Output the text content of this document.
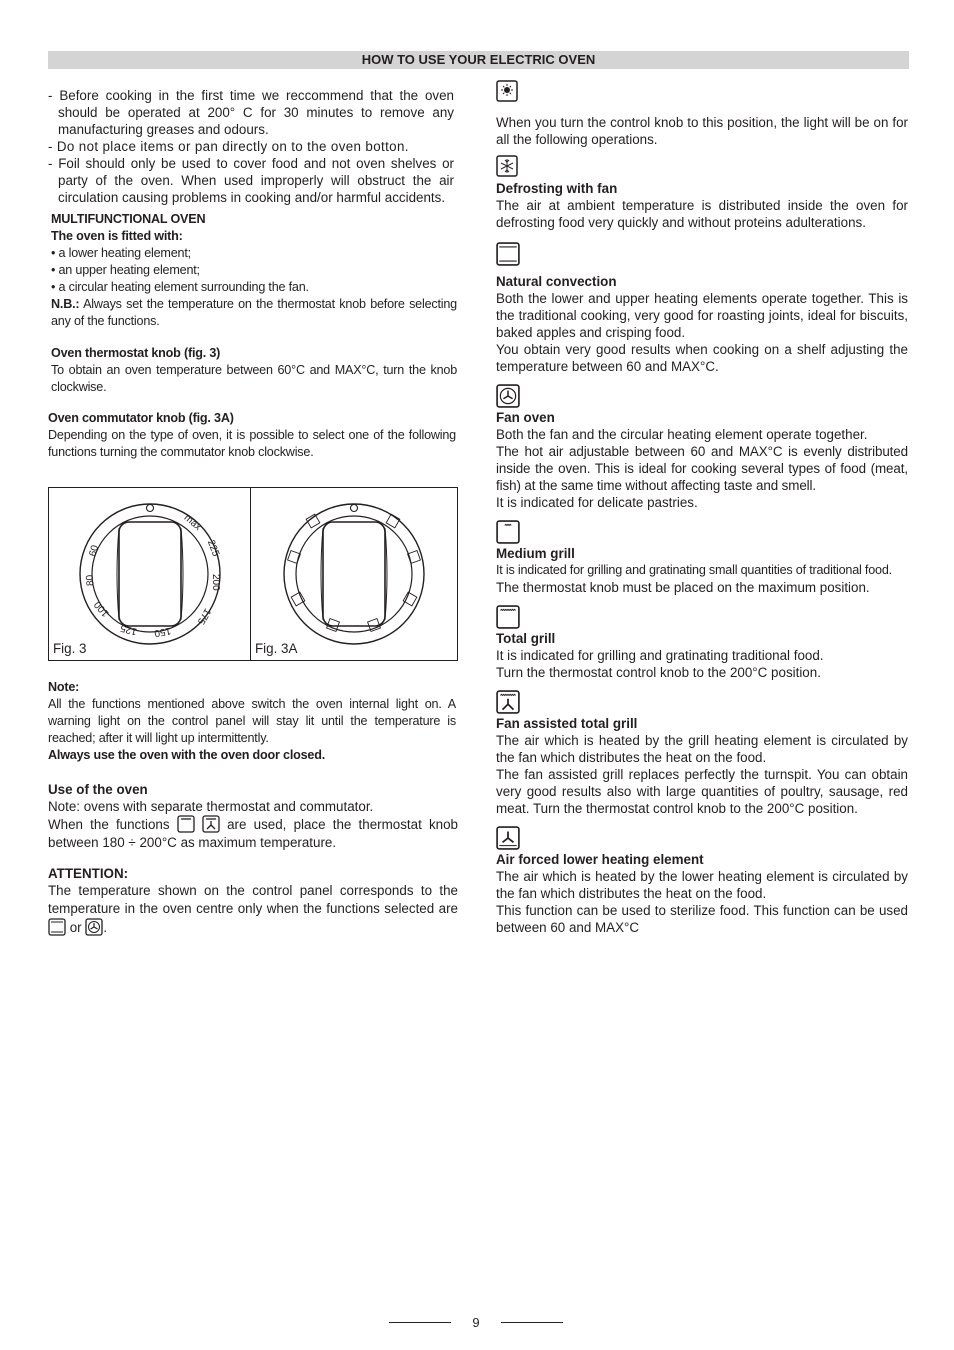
HOW TO USE YOUR ELECTRIC OVEN

- Before cooking in the first time we reccommend that the oven should be operated at 200° C for 30 minutes to remove any manufacturing greases and odours.

- Do not place items or pan directly on to the oven botton.

- Foil should only be used to cover food and not oven shelves or party of the oven. When used improperly will obstruct the air circulation causing problems in cooking and/or harmful accidents.

MULTIFUNCTIONAL OVEN

The oven is fitted with:

• a lower heating element;

• an upper heating element;

• a circular heating element surrounding the fan.

N.B.: Always set the temperature on the thermostat knob before selecting any of the functions.

Oven thermostat knob (fig. 3)

To obtain an oven temperature between 60°C and MAX°C, turn the knob clockwise.

Oven commutator knob (fig. 3A)

Depending on the type of oven, it is possible to select one of the following functions turning the commutator knob clockwise.

max
225
200
175
150
125
100
80
60
Fig. 3	Fig. 3A

Note:

All the functions mentioned above switch the oven internal light on. A warning light on the control panel will stay lit until the temperature is reached; after it will light up intermittently.

Always use the oven with the oven door closed.

Use of the oven

Note: ovens with separate thermostat and commutator.

When the functions	are used, place the thermostat knob between 180 ÷ 200°C as maximum temperature.

ATTENTION:

The temperature shown on the control panel corresponds to the temperature in the oven centre only when the functions selected are  or .

When you turn the control knob to this position, the light will be on for all the following operations.

Defrosting with fan

The air at ambient temperature is distributed inside the oven for defrosting food very quickly and without proteins adulterations.

Natural convection

Both the lower and upper heating elements operate together. This is the traditional cooking, very good for roasting joints, ideal for biscuits, baked apples and crisping food.

You obtain very good results when cooking on a shelf adjusting the temperature between 60 and MAX°C.

Fan oven

Both the fan and the circular heating element operate together.

The hot air adjustable between 60 and MAX°C is evenly distributed inside the oven. This is ideal for cooking several types of food (meat, fish) at the same time without affecting taste and smell.

It is indicated for delicate pastries.

Medium grill

It is indicated for grilling and gratinating small quantities of traditional food.

The thermostat knob must be placed on the maximum position.

Total grill

It is indicated for grilling and gratinating traditional food.

Turn the thermostat control knob to the 200°C position.

Fan assisted total grill

The air which is heated by the grill heating element is circulated by the fan which distributes the heat on the food.

The fan assisted grill replaces perfectly the turnspit. You can obtain very good results also with large quantities of poultry, sausage, red meat. Turn the thermostat control knob to the 200°C position.

Air forced lower heating element

The air which is heated by the lower heating element is circulated by the fan which distributes the heat on the food.

This function can be used to sterilize food. This function can be used between 60 and MAX°C

9
